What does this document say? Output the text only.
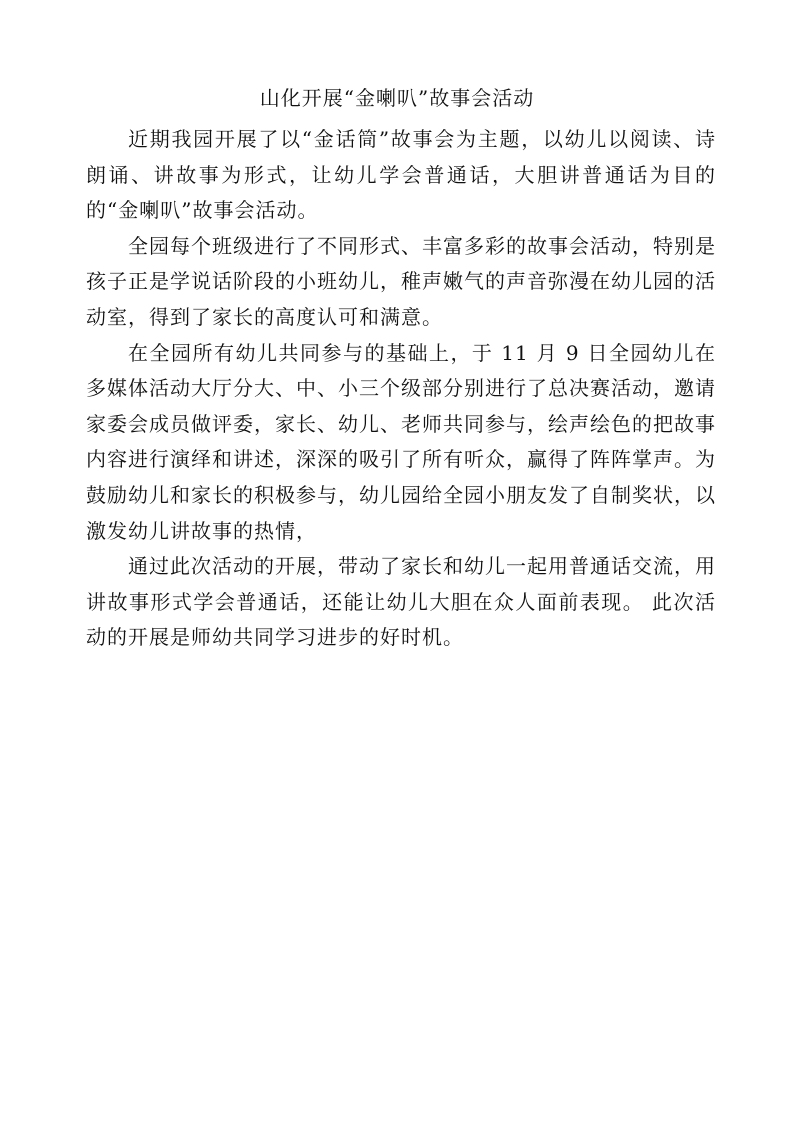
山化开展“金喇叭”故事会活动

近期我园开展了以“金话筒”故事会为主题，以幼儿以阅读、诗朗诵、讲故事为形式，让幼儿学会普通话，大胆讲普通话为目的的“金喇叭”故事会活动。

全园每个班级进行了不同形式、丰富多彩的故事会活动，特别是孩子正是学说话阶段的小班幼儿，稚声嫩气的声音弥漫在幼儿园的活动室，得到了家长的高度认可和满意。

在全园所有幼儿共同参与的基础上，于 11 月 9 日全园幼儿在多媒体活动大厅分大、中、小三个级部分别进行了总决赛活动，邀请家委会成员做评委，家长、幼儿、老师共同参与，绘声绘色的把故事内容进行演绎和讲述，深深的吸引了所有听众，赢得了阵阵掌声。为鼓励幼儿和家长的积极参与，幼儿园给全园小朋友发了自制奖状，以激发幼儿讲故事的热情，

通过此次活动的开展，带动了家长和幼儿一起用普通话交流，用讲故事形式学会普通话，还能让幼儿大胆在众人面前表现。 此次活动的开展是师幼共同学习进步的好时机。
